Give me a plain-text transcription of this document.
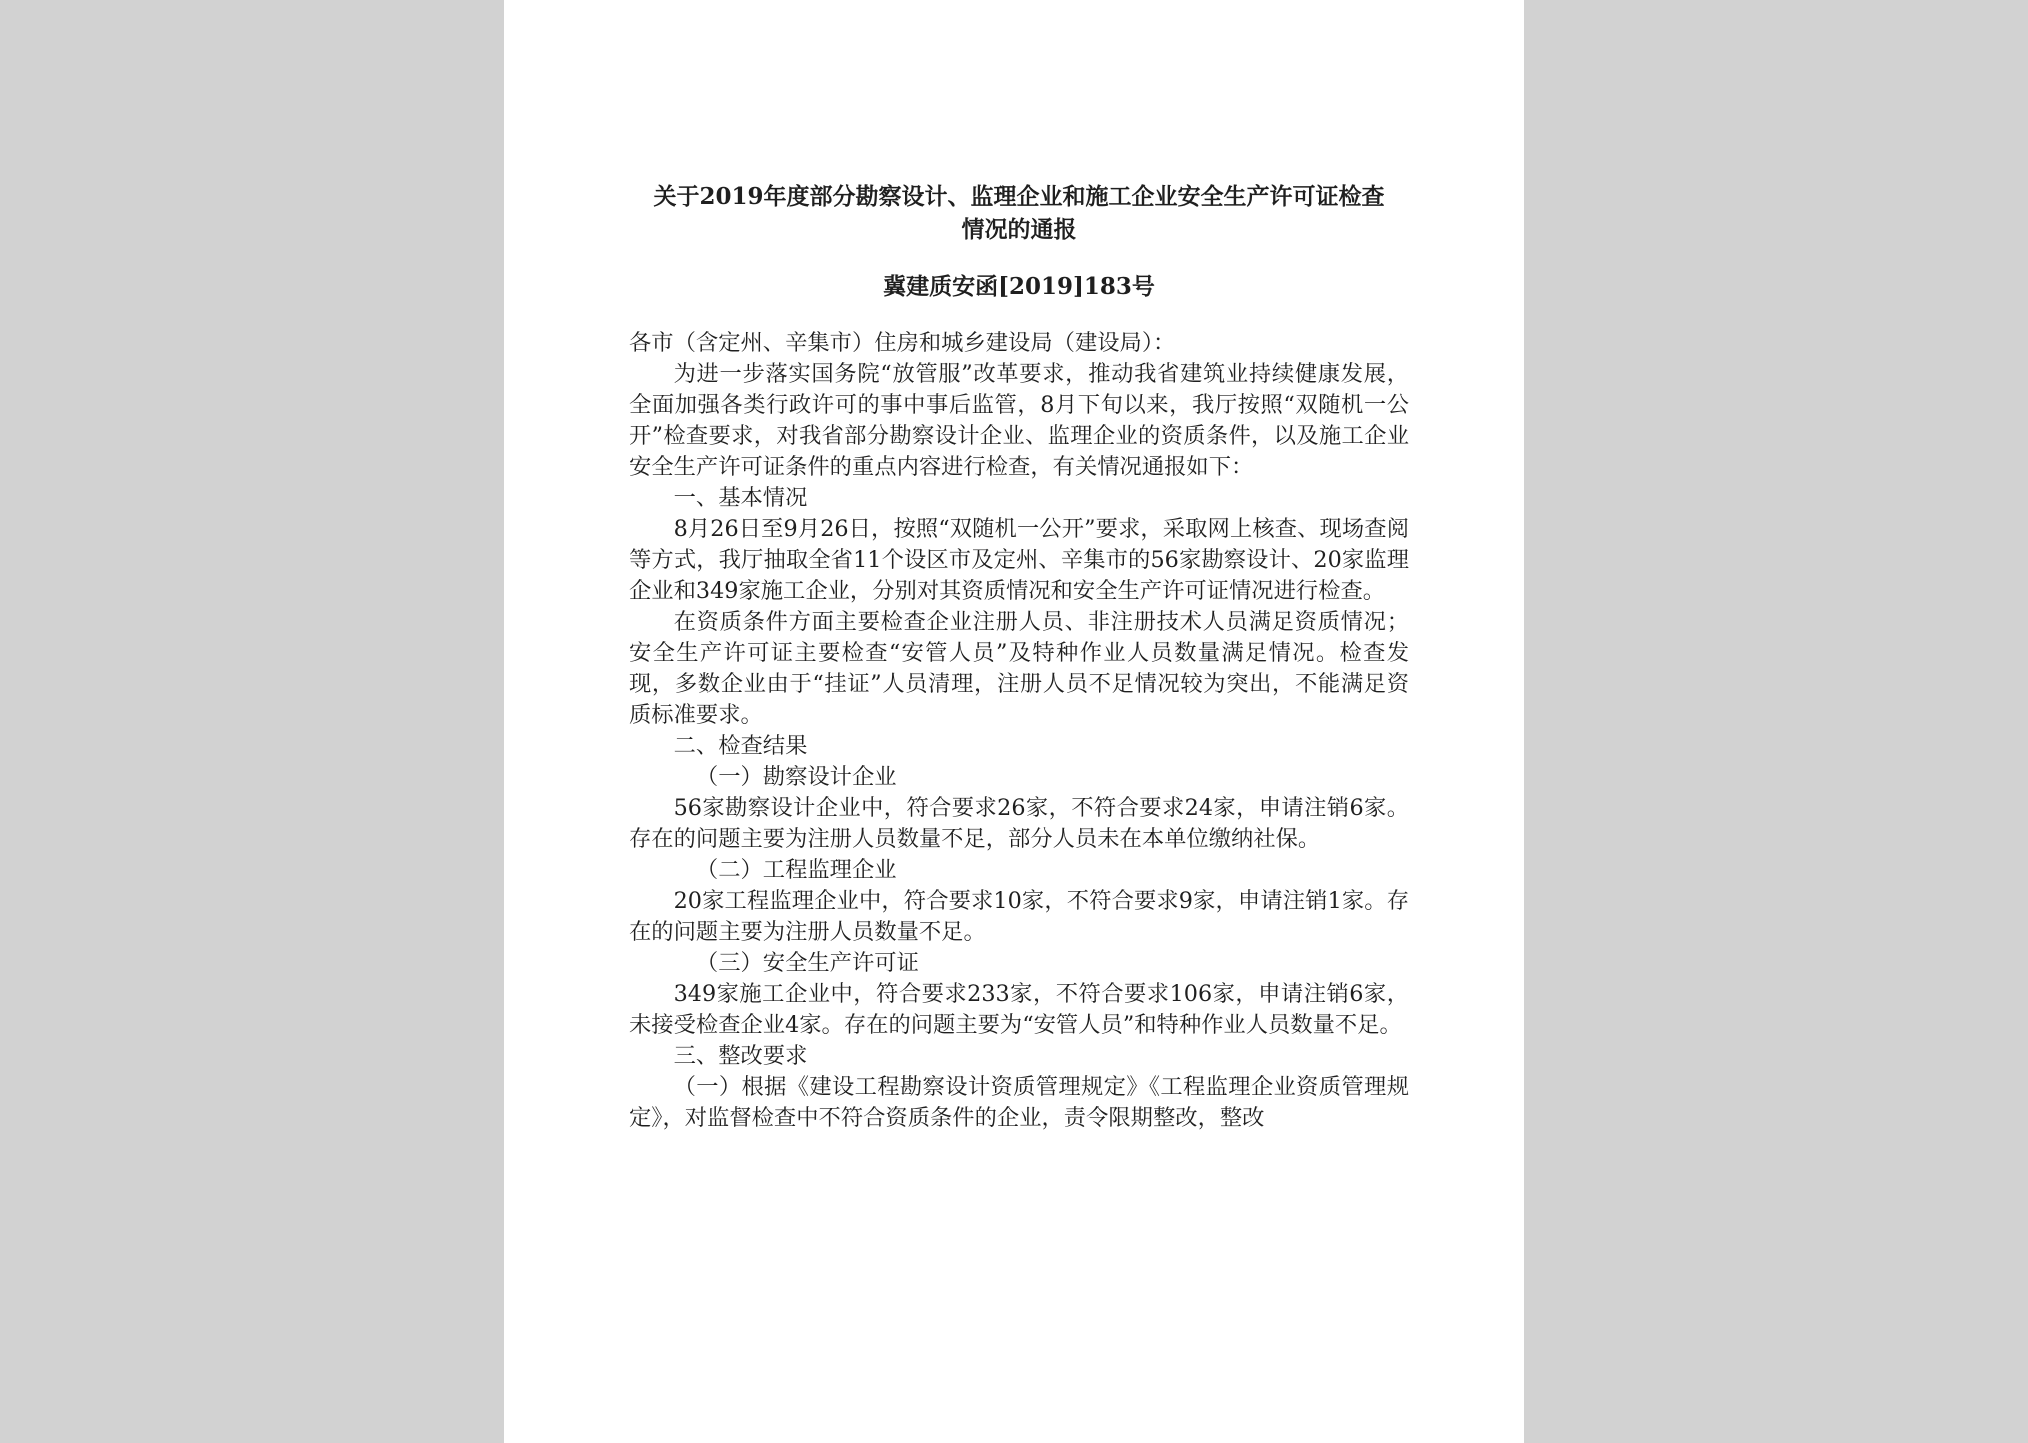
关于2019年度部分勘察设计、监理企业和施工企业安全生产许可证检查情况的通报

冀建质安函[2019]183号

各市（含定州、辛集市）住房和城乡建设局（建设局）：

为进一步落实国务院“放管服”改革要求，推动我省建筑业持续健康发展，全面加强各类行政许可的事中事后监管，8月下旬以来，我厅按照“双随机一公开”检查要求，对我省部分勘察设计企业、监理企业的资质条件，以及施工企业安全生产许可证条件的重点内容进行检查，有关情况通报如下：

一、基本情况

8月26日至9月26日，按照“双随机一公开”要求，采取网上核查、现场查阅等方式，我厅抽取全省11个设区市及定州、辛集市的56家勘察设计、20家监理企业和349家施工企业，分别对其资质情况和安全生产许可证情况进行检查。

在资质条件方面主要检查企业注册人员、非注册技术人员满足资质情况；安全生产许可证主要检查“安管人员”及特种作业人员数量满足情况。检查发现，多数企业由于“挂证”人员清理，注册人员不足情况较为突出，不能满足资质标准要求。

二、检查结果

（一）勘察设计企业

56家勘察设计企业中，符合要求26家，不符合要求24家，申请注销6家。存在的问题主要为注册人员数量不足，部分人员未在本单位缴纳社保。

（二）工程监理企业

20家工程监理企业中，符合要求10家，不符合要求9家，申请注销1家。存在的问题主要为注册人员数量不足。

（三）安全生产许可证

349家施工企业中，符合要求233家，不符合要求106家，申请注销6家，未接受检查企业4家。存在的问题主要为“安管人员”和特种作业人员数量不足。

三、整改要求

（一）根据《建设工程勘察设计资质管理规定》《工程监理企业资质管理规定》，对监督检查中不符合资质条件的企业，责令限期整改，整改
